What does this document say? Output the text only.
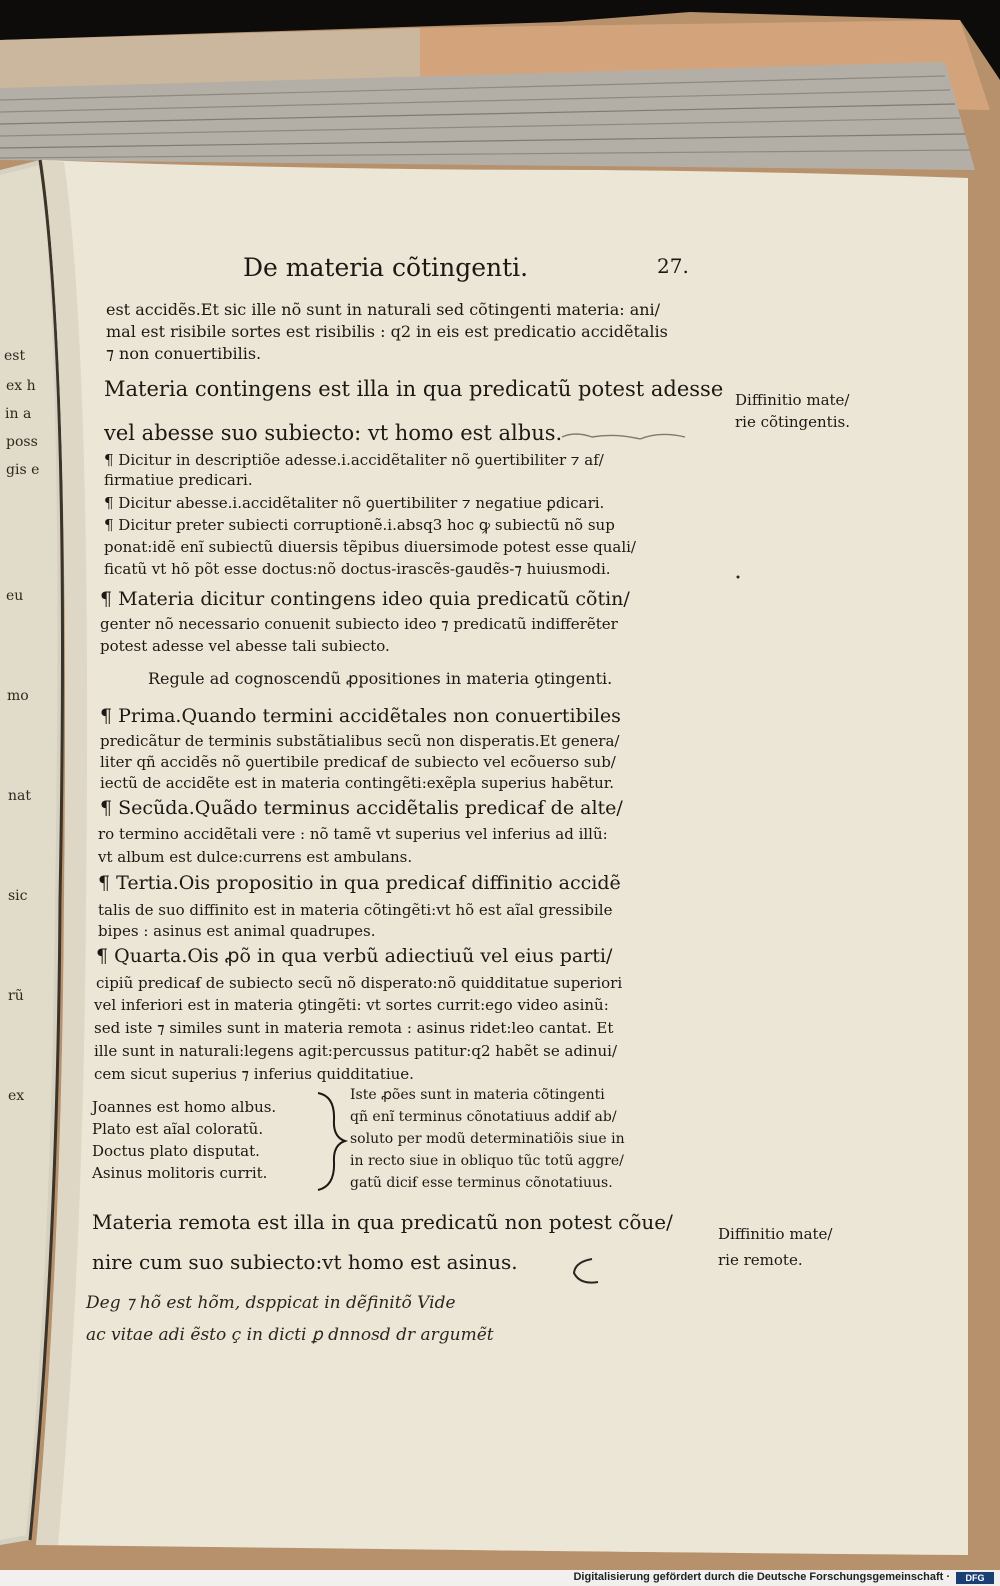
est
ex h
in a
poss
gis e
eu
mo
nat
sic
rũ
ex
De materia cõtingenti.	27.
est accidẽs.Et sic ille nõ sunt in naturali sed cõtingenti materia: ani/
mal est risibile sortes est risibilis : q2 in eis est predicatio accidẽtalis
⁊ non conuertibilis.
Materia contingens est illa in qua predicatũ potest adesse
vel abesse suo subiecto: vt homo est albus.
¶ Dicitur in descriptiõe adesse.i.accidẽtaliter nõ ꝯuertibiliter ⁊ af/
firmatiue predicari.
¶ Dicitur abesse.i.accidẽtaliter nõ ꝯuertibiliter ⁊ negatiue ꝑdicari.
¶ Dicitur preter subiecti corruptionẽ.i.absq3 hoc ꝙ subiectũ nõ sup
ponat:idẽ enĩ subiectũ diuersis tẽpibus diuersimode potest esse quali/
ficatũ vt hõ põt esse doctus:nõ doctus-irascẽs-gaudẽs-⁊ huiusmodi.
¶ Materia dicitur contingens ideo quia predicatũ cõtin/
genter nõ necessario conuenit subiecto ideo ⁊ predicatũ indifferẽter
potest adesse vel abesse tali subiecto.
Regule ad cognoscendũ ꝓpositiones in materia ꝯtingenti.
¶ Prima.Quando termini accidẽtales non conuertibiles
predicãtur de terminis substãtialibus secũ non disperatis.Et genera/
liter qñ accidẽs nõ ꝯuertibile predicaẜ de subiecto vel ecõuerso sub/
iectũ de accidẽte est in materia contingẽti:exẽpla superius habẽtur.
¶ Secũda.Quãdo terminus accidẽtalis predicaẜ de alte/
ro termino accidẽtali vere : nõ tamẽ vt superius vel inferius ad illũ:
vt album est dulce:currens est ambulans.
¶ Tertia.Ois propositio in qua predicaẜ diffinitio accidẽ
talis de suo diffinito est in materia cõtingẽti:vt hõ est aĩal gressibile
bipes : asinus est animal quadrupes.
¶ Quarta.Ois ꝓõ in qua verbũ adiectiuũ vel eius parti/
cipiũ predicaẜ de subiecto secũ nõ disperato:nõ quidditatue superiori
vel inferiori est in materia ꝯtingẽti: vt sortes currit:ego video asinũ:
sed iste ⁊ similes sunt in materia remota : asinus ridet:leo cantat. Et
ille sunt in naturali:legens agit:percussus patitur:q2 habẽt se adinui/
cem sicut superius ⁊ inferius quidditatiue.
Joannes est homo albus.
Plato est aĩal coloratũ.
Doctus plato disputat.
Asinus molitoris currit.
Iste ꝓões sunt in materia cõtingenti
qñ enĩ terminus cõnotatiuus addiẜ ab/
soluto per modũ determinatiõis siue in
in recto siue in obliquo tũc totũ aggre/
gatũ diciẜ esse terminus cõnotatiuus.
Materia remota est illa in qua predicatũ non potest cõue/
nire cum suo subiecto:vt homo est asinus.
Diffinitio mate/
rie cõtingentis.
Diffinitio mate/
rie remote.
Deg ⁊ hõ est hõm, dsppicat in dẽfinitõ Vide
ac vitae adi ẽsto ç in dicti ꝑ dnnosd dr argumẽt
Digitalisierung gefördert durch die Deutsche Forschungsgemeinschaft ·	DFG
